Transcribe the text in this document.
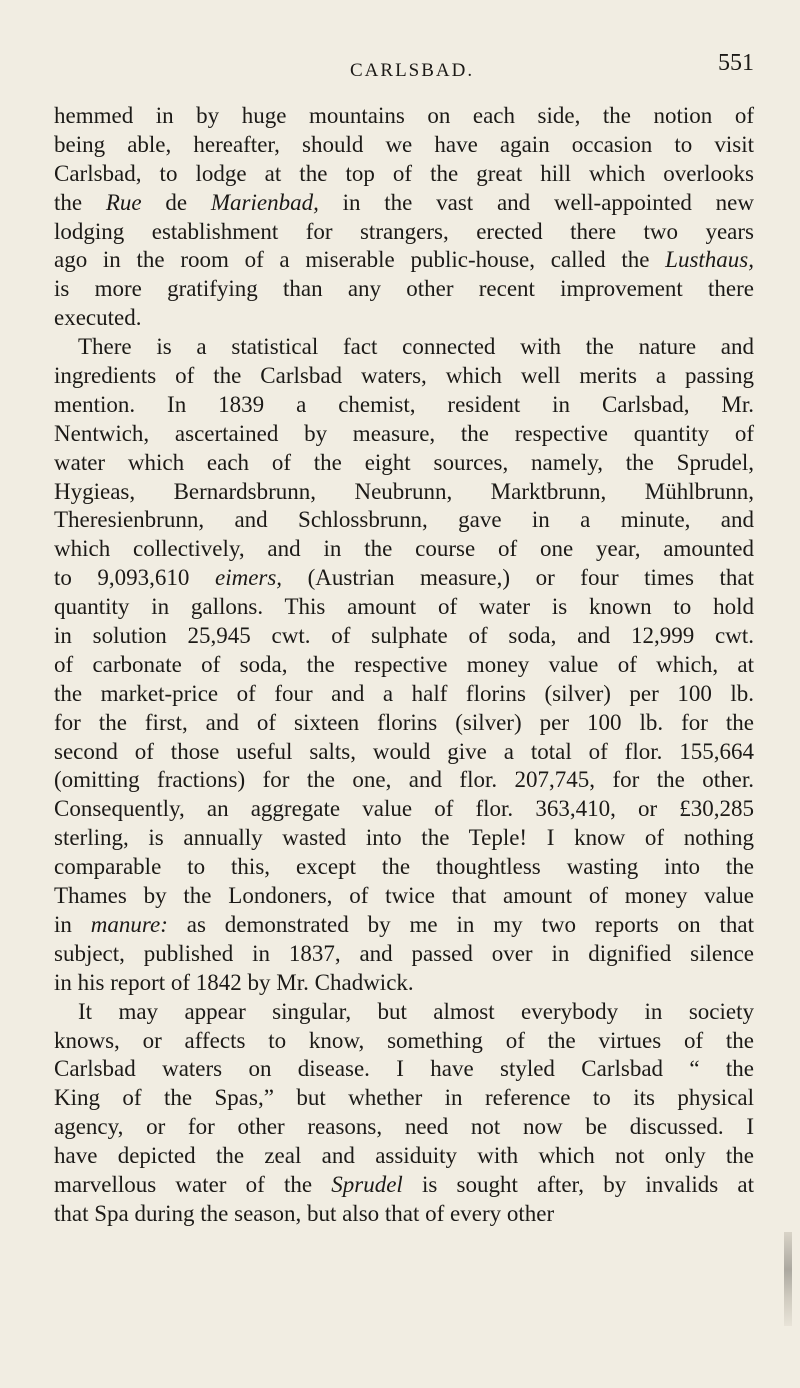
CARLSBAD.	551
hemmed in by huge mountains on each side, the notion of
being able, hereafter, should we have again occasion to visit
Carlsbad, to lodge at the top of the great hill which overlooks
the Rue de Marienbad, in the vast and well-appointed new
lodging establishment for strangers, erected there two years
ago in the room of a miserable public-house, called the Lusthaus,
is more gratifying than any other recent improvement there
executed.
There is a statistical fact connected with the nature and
ingredients of the Carlsbad waters, which well merits a passing
mention. In 1839 a chemist, resident in Carlsbad, Mr.
Nentwich, ascertained by measure, the respective quantity of
water which each of the eight sources, namely, the Sprudel,
Hygieas, Bernardsbrunn, Neubrunn, Marktbrunn, Mühlbrunn,
Theresienbrunn, and Schlossbrunn, gave in a minute, and
which collectively, and in the course of one year, amounted
to 9,093,610 eimers, (Austrian measure,) or four times that
quantity in gallons. This amount of water is known to hold
in solution 25,945 cwt. of sulphate of soda, and 12,999 cwt.
of carbonate of soda, the respective money value of which, at
the market-price of four and a half florins (silver) per 100 lb.
for the first, and of sixteen florins (silver) per 100 lb. for the
second of those useful salts, would give a total of flor. 155,664
(omitting fractions) for the one, and flor. 207,745, for the other.
Consequently, an aggregate value of flor. 363,410, or £30,285
sterling, is annually wasted into the Teple! I know of nothing
comparable to this, except the thoughtless wasting into the
Thames by the Londoners, of twice that amount of money value
in manure: as demonstrated by me in my two reports on that
subject, published in 1837, and passed over in dignified silence
in his report of 1842 by Mr. Chadwick.
It may appear singular, but almost everybody in society
knows, or affects to know, something of the virtues of the
Carlsbad waters on disease. I have styled Carlsbad “ the
King of the Spas,” but whether in reference to its physical
agency, or for other reasons, need not now be discussed. I
have depicted the zeal and assiduity with which not only the
marvellous water of the Sprudel is sought after, by invalids at
that Spa during the season, but also that of every other
